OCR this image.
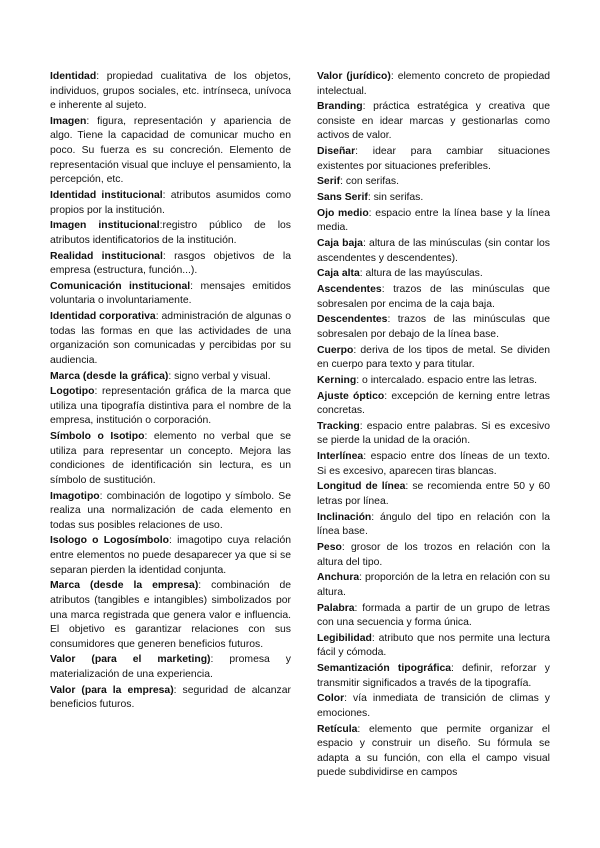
Identidad: propiedad cualitativa de los objetos, individuos, grupos sociales, etc. intrínseca, unívoca e inherente al sujeto.

Imagen: figura, representación y apariencia de algo. Tiene la capacidad de comunicar mucho en poco. Su fuerza es su concreción. Elemento de representación visual que incluye el pensamiento, la percepción, etc.

Identidad institucional: atributos asumidos como propios por la institución.

Imagen institucional:registro público de los atributos identificatorios de la institución.

Realidad institucional: rasgos objetivos de la empresa (estructura, función...).

Comunicación institucional: mensajes emitidos voluntaria o involuntariamente.

Identidad corporativa: administración de algunas o todas las formas en que las actividades de una organización son comunicadas y percibidas por su audiencia.

Marca (desde la gráfica): signo verbal y visual.

Logotipo: representación gráfica de la marca que utiliza una tipografía distintiva para el nombre de la empresa, institución o corporación.

Símbolo o Isotipo: elemento no verbal que se utiliza para representar un concepto. Mejora las condiciones de identificación sin lectura, es un símbolo de sustitución.

Imagotipo: combinación de logotipo y símbolo. Se realiza una normalización de cada elemento en todas sus posibles relaciones de uso.

Isologo o Logosímbolo: imagotipo cuya relación entre elementos no puede desaparecer ya que si se separan pierden la identidad conjunta.

Marca (desde la empresa): combinación de atributos (tangibles e intangibles) simbolizados por una marca registrada que genera valor e influencia. El objetivo es garantizar relaciones con sus consumidores que generen beneficios futuros.

Valor (para el marketing): promesa y materialización de una experiencia.

Valor (para la empresa): seguridad de alcanzar beneficios futuros.

Valor (jurídico): elemento concreto de propiedad intelectual.

Branding: práctica estratégica y creativa que consiste en idear marcas y gestionarlas como activos de valor.

Diseñar: idear para cambiar situaciones existentes por situaciones preferibles.

Serif: con serifas.

Sans Serif: sin serifas.

Ojo medio: espacio entre la línea base y la línea media.

Caja baja: altura de las minúsculas (sin contar los ascendentes y descendentes).

Caja alta: altura de las mayúsculas.

Ascendentes: trazos de las minúsculas que sobresalen por encima de la caja baja.

Descendentes: trazos de las minúsculas que sobresalen por debajo de la línea base.

Cuerpo: deriva de los tipos de metal. Se dividen en cuerpo para texto y para titular.

Kerning: o intercalado. espacio entre las letras.

Ajuste óptico: excepción de kerning entre letras concretas.

Tracking: espacio entre palabras. Si es excesivo se pierde la unidad de la oración.

Interlínea: espacio entre dos líneas de un texto. Si es excesivo, aparecen tiras blancas.

Longitud de línea: se recomienda entre 50 y 60 letras por línea.

Inclinación: ángulo del tipo en relación con la línea base.

Peso: grosor de los trozos en relación con la altura del tipo.

Anchura: proporción de la letra en relación con su altura.

Palabra: formada a partir de un grupo de letras con una secuencia y forma única.

Legibilidad: atributo que nos permite una lectura fácil y cómoda.

Semantización tipográfica: definir, reforzar y transmitir significados a través de la tipografía.

Color: vía inmediata de transición de climas y emociones.

Retícula: elemento que permite organizar el espacio y construir un diseño. Su fórmula se adapta a su función, con ella el campo visual puede subdividirse en campos
